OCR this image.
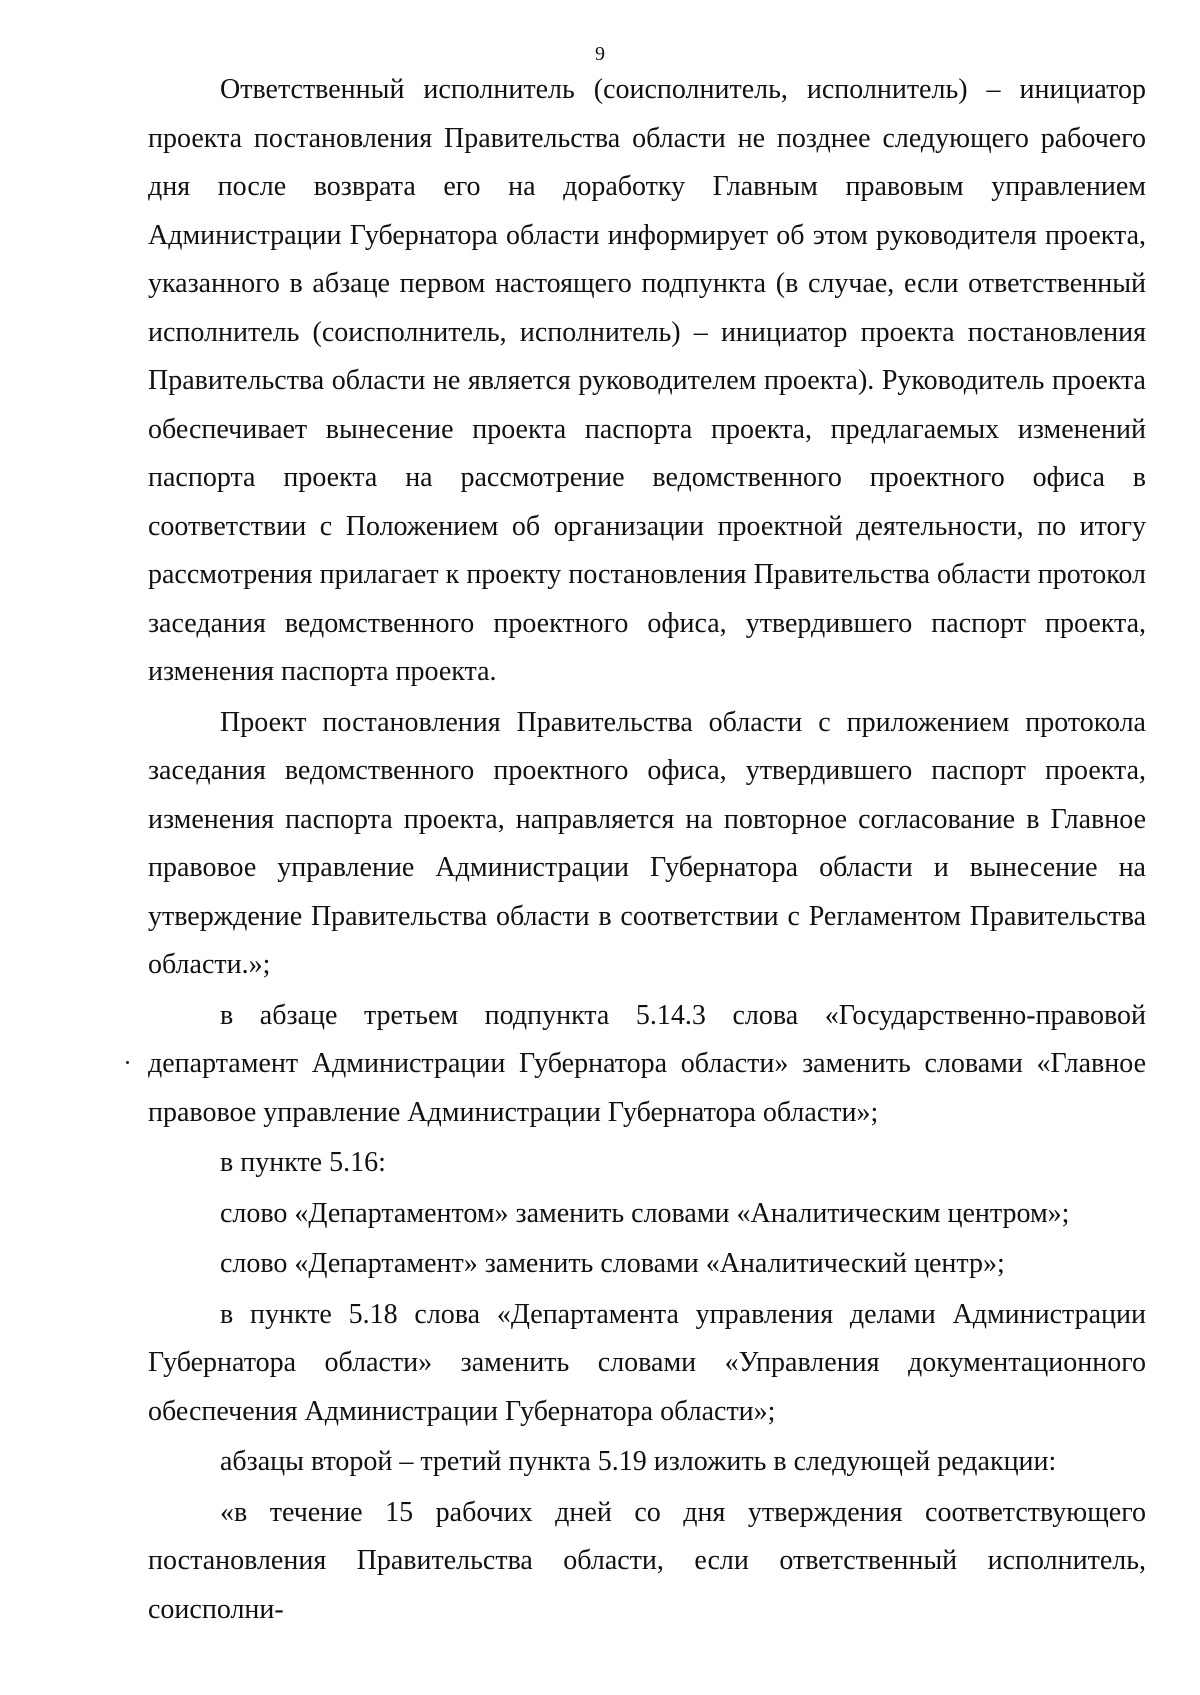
9

Ответственный исполнитель (соисполнитель, исполнитель) – инициатор проекта постановления Правительства области не позднее следующего рабочего дня после возврата его на доработку Главным правовым управлением Администрации Губернатора области информирует об этом руководителя проекта, указанного в абзаце первом настоящего подпункта (в случае, если ответственный исполнитель (соисполнитель, исполнитель) – инициатор проекта постановления Правительства области не является руководителем проекта). Руководитель проекта обеспечивает вынесение проекта паспорта проекта, предлагаемых изменений паспорта проекта на рассмотрение ведомственного проектного офиса в соответствии с Положением об организации проектной деятельности, по итогу рассмотрения прилагает к проекту постановления Правительства области протокол заседания ведомственного проектного офиса, утвердившего паспорт проекта, изменения паспорта проекта.

Проект постановления Правительства области с приложением протокола заседания ведомственного проектного офиса, утвердившего паспорт проекта, изменения паспорта проекта, направляется на повторное согласование в Главное правовое управление Администрации Губернатора области и вынесение на утверждение Правительства области в соответствии с Регламентом Правительства области.»;

в абзаце третьем подпункта 5.14.3 слова «Государственно-правовой департамент Администрации Губернатора области» заменить словами «Главное правовое управление Администрации Губернатора области»;

в пункте 5.16:

слово «Департаментом» заменить словами «Аналитическим центром»;

слово «Департамент» заменить словами «Аналитический центр»;

в пункте 5.18 слова «Департамента управления делами Администрации Губернатора области» заменить словами «Управления документационного обеспечения Администрации Губернатора области»;

абзацы второй – третий пункта 5.19 изложить в следующей редакции:

«в течение 15 рабочих дней со дня утверждения соответствующего постановления Правительства области, если ответственный исполнитель, соисполни-
